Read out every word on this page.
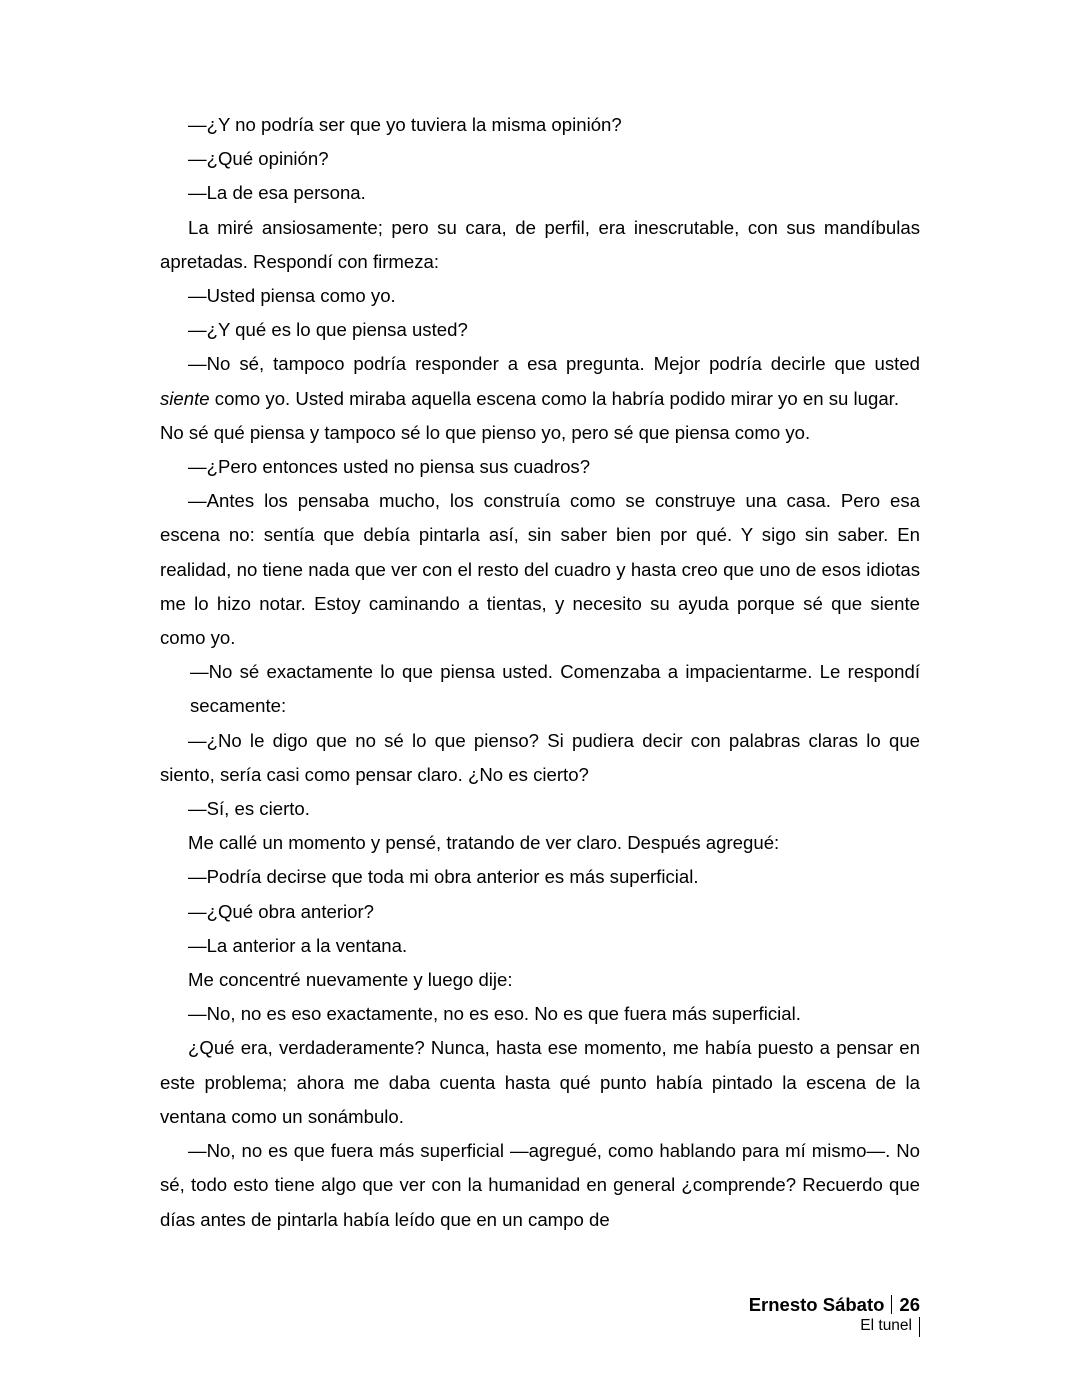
—¿Y no podría ser que yo tuviera la misma opinión?

—¿Qué opinión?

—La de esa persona.

La miré ansiosamente; pero su cara, de perfil, era inescrutable, con sus mandíbulas apretadas. Respondí con firmeza:

—Usted piensa como yo.

—¿Y qué es lo que piensa usted?

—No sé, tampoco podría responder a esa pregunta. Mejor podría decirle que usted siente como yo. Usted miraba aquella escena como la habría podido mirar yo en su lugar.

No sé qué piensa y tampoco sé lo que pienso yo, pero sé que piensa como yo.

—¿Pero entonces usted no piensa sus cuadros?

—Antes los pensaba mucho, los construía como se construye una casa. Pero esa escena no: sentía que debía pintarla así, sin saber bien por qué. Y sigo sin saber. En realidad, no tiene nada que ver con el resto del cuadro y hasta creo que uno de esos idiotas me lo hizo notar. Estoy caminando a tientas, y necesito su ayuda porque sé que siente como yo.

—No sé exactamente lo que piensa usted. Comenzaba a impacientarme. Le respondí secamente:

—¿No le digo que no sé lo que pienso? Si pudiera decir con palabras claras lo que siento, sería casi como pensar claro. ¿No es cierto?

—Sí, es cierto.

Me callé un momento y pensé, tratando de ver claro. Después agregué:

—Podría decirse que toda mi obra anterior es más superficial.

—¿Qué obra anterior?

—La anterior a la ventana.

Me concentré nuevamente y luego dije:

—No, no es eso exactamente, no es eso. No es que fuera más superficial.

¿Qué era, verdaderamente? Nunca, hasta ese momento, me había puesto a pensar en este problema; ahora me daba cuenta hasta qué punto había pintado la escena de la ventana como un sonámbulo.

—No, no es que fuera más superficial —agregué, como hablando para mí mismo—. No sé, todo esto tiene algo que ver con la humanidad en general ¿comprende? Recuerdo que días antes de pintarla había leído que en un campo de

Ernesto Sábato 26
El tunel
